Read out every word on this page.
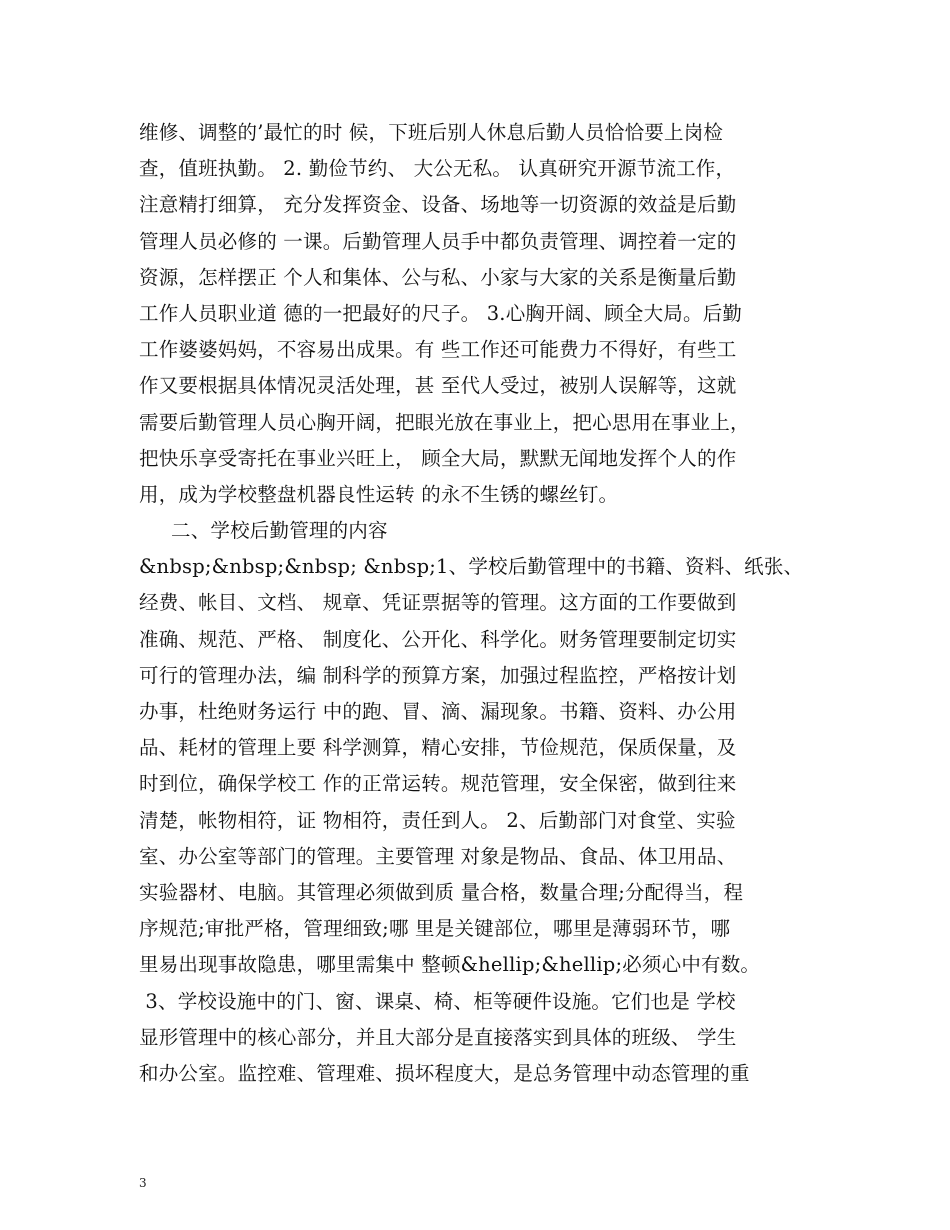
维修、调整的’最忙的时 候，下班后别人休息后勤人员恰恰要上岗检
查，值班执勤。 2. 勤俭节约、 大公无私。 认真研究开源节流工作，
注意精打细算， 充分发挥资金、设备、场地等一切资源的效益是后勤
管理人员必修的 一课。后勤管理人员手中都负责管理、调控着一定的
资源，怎样摆正 个人和集体、公与私、小家与大家的关系是衡量后勤
工作人员职业道 德的一把最好的尺子。 3.心胸开阔、顾全大局。后勤
工作婆婆妈妈，不容易出成果。有 些工作还可能费力不得好，有些工
作又要根据具体情况灵活处理，甚 至代人受过，被别人误解等，这就
需要后勤管理人员心胸开阔，把眼光放在事业上，把心思用在事业上，
把快乐享受寄托在事业兴旺上， 顾全大局，默默无闻地发挥个人的作
用，成为学校整盘机器良性运转 的永不生锈的螺丝钉。
二、学校后勤管理的内容
&nbsp;&nbsp;&nbsp; &nbsp;1、学校后勤管理中的书籍、资料、纸张、
经费、帐目、文档、 规章、凭证票据等的管理。这方面的工作要做到
准确、规范、严格、 制度化、公开化、科学化。财务管理要制定切实
可行的管理办法，编 制科学的预算方案，加强过程监控，严格按计划
办事，杜绝财务运行 中的跑、冒、滴、漏现象。书籍、资料、办公用
品、耗材的管理上要 科学测算，精心安排，节俭规范，保质保量，及
时到位，确保学校工 作的正常运转。规范管理，安全保密，做到往来
清楚，帐物相符，证 物相符，责任到人。 2、后勤部门对食堂、实验
室、办公室等部门的管理。主要管理 对象是物品、食品、体卫用品、
实验器材、电脑。其管理必须做到质 量合格，数量合理;分配得当，程
序规范;审批严格，管理细致;哪 里是关键部位，哪里是薄弱环节，哪
里易出现事故隐患，哪里需集中 整顿&hellip;&hellip;必须心中有数。
3、学校设施中的门、窗、课桌、椅、柜等硬件设施。它们也是 学校
显形管理中的核心部分，并且大部分是直接落实到具体的班级、 学生
和办公室。监控难、管理难、损坏程度大，是总务管理中动态管理的重
3
